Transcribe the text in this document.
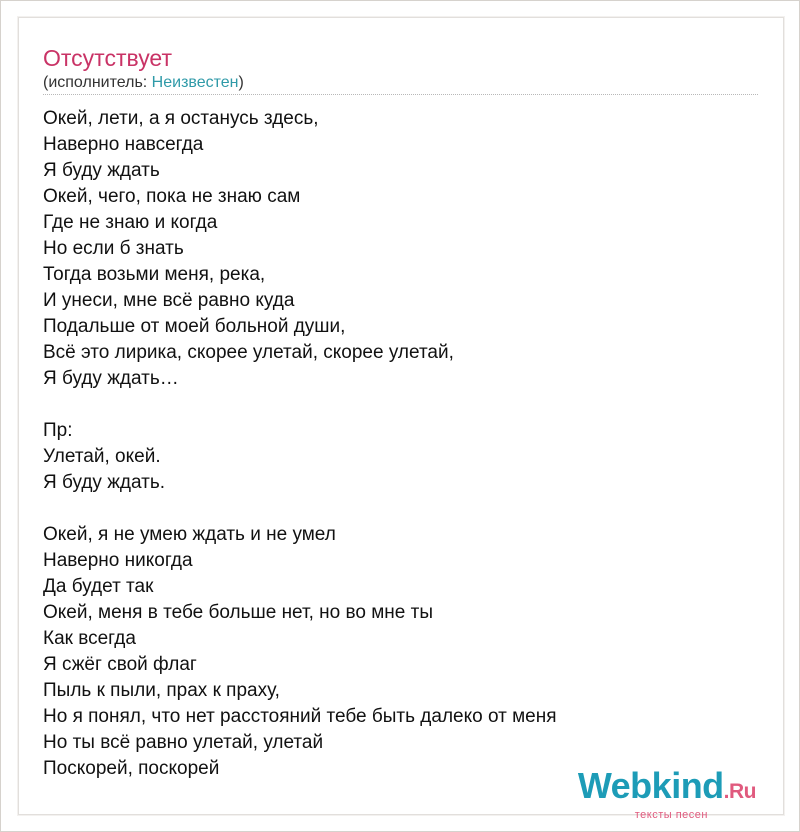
Отсутствует
(исполнитель: Неизвестен)
Окей, лети, а я останусь здесь,
Наверно навсегда
Я буду ждать
Окей, чего, пока не знаю сам
Где не знаю и когда
Но если б знать
Тогда возьми меня, река,
И унеси, мне всё равно куда
Подальше от моей больной души,
Всё это лирика, скорее улетай, скорее улетай,
Я буду ждать…
Пр:
Улетай, окей.
Я буду ждать.
Окей, я не умею ждать и не умел
Наверно никогда
Да будет так
Окей, меня в тебе больше нет, но во мне ты
Как всегда
Я сжёг свой флаг
Пыль к пыли, прах к праху,
Но я понял, что нет расстояний тебе быть далеко от меня
Но ты всё равно улетай, улетай
Поскорей, поскорей	Webkind.Ru
тексты песен
